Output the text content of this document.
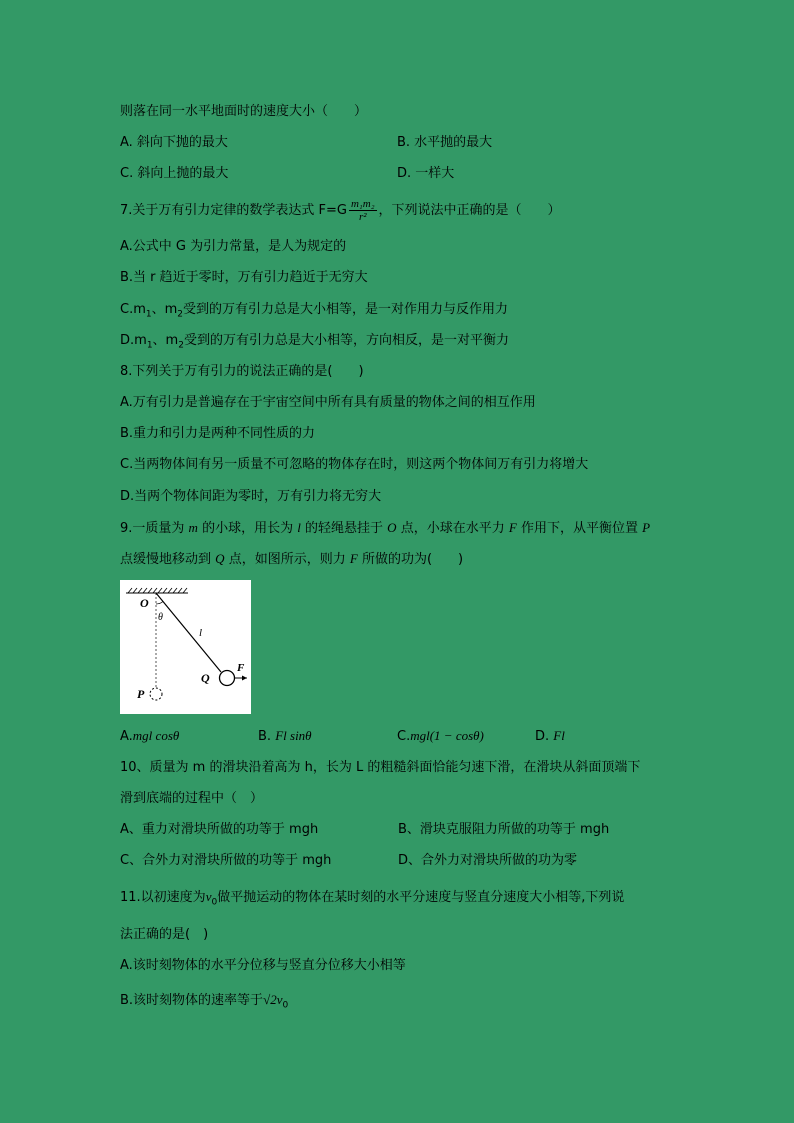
则落在同一水平地面时的速度大小（　　）
A. 斜向下抛的最大	B. 水平抛的最大
C. 斜向上抛的最大	D. 一样大
7.关于万有引力定律的数学表达式 $F=G \frac{\text{m₁m₂}}{\text{r²}}$ ，下列说法中正确的是（　　）
A.公式中 G 为引力常量，是人为规定的
B.当 r 趋近于零时，万有引力趋近于无穷大
$C.m_1$、$m_2$受到的万有引力总是大小相等，是一对作用力与反作用力
$D.m_1$、$m_2$受到的万有引力总是大小相等，方向相反，是一对平衡力
8.下列关于万有引力的说法正确的是(　　)
A.万有引力是普遍存在于宇宙空间中所有具有质量的物体之间的相互作用
B.重力和引力是两种不同性质的力
C.当两物体间有另一质量不可忽略的物体存在时，则这两个物体间万有引力将增大
D.当两个物体间距为零时，万有引力将无穷大
9.一质量为 m 的小球，用长为 l 的轻绳悬挂于 O 点，小球在水平力 F 作用下，从平衡位置 P
点缓慢地移动到 Q 点，如图所示，则力 F 所做的功为(　　)
O
θ
l
F
Q
P
A.mgl cosθ	B. Fl sinθ	C.mgl(1 − cosθ)	D. Fl
10、质量为 m 的滑块沿着高为 h，长为 L 的粗糙斜面恰能匀速下滑，在滑块从斜面顶端下
滑到底端的过程中（　）
A、重力对滑块所做的功等于 mgh	B、滑块克服阻力所做的功等于 mgh
C、合外力对滑块所做的功等于 mgh	D、合外力对滑块所做的功为零
11.以初速度为$v_0$做平抛运动的物体在某时刻的水平分速度与竖直分速度大小相等,下列说
法正确的是(　)
A.该时刻物体的水平分位移与竖直分位移大小相等
B.该时刻物体的速率等于$√2v_0$
